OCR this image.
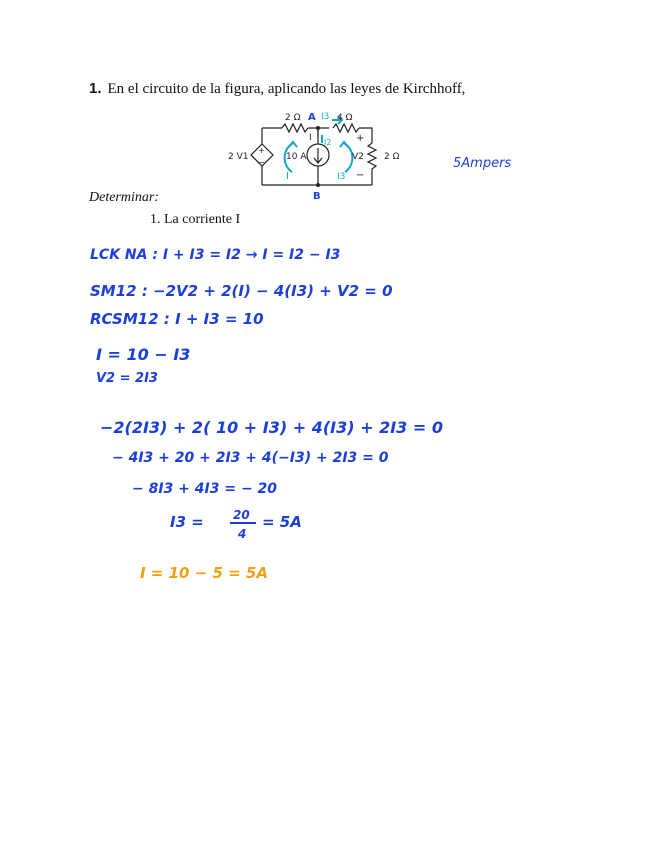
1. En el circuito de la figura, aplicando las leyes de Kirchhoff,
2 Ω A I3 4 Ω
I I2
2 V1
+
−
10 A	V2
+
−
2 Ω
I	I3
B
5Ampers
Determinar:
1. La corriente I
LCK NA : I + I3 = I2 → I = I2 − I3
SM12 : −2V2 + 2(I) − 4(I3) + V2 = 0
RCSM12 : I + I3 = 10
I = 10 − I3
V2 = 2I3
−2(2I3) + 2( 10 + I3) + 4(I3) + 2I3 = 0
− 4I3 + 20 + 2I3 + 4(−I3) + 2I3 = 0
− 8I3 + 4I3 = − 20
I3 = 20
4
= 5A
I = 10 − 5 = 5A
